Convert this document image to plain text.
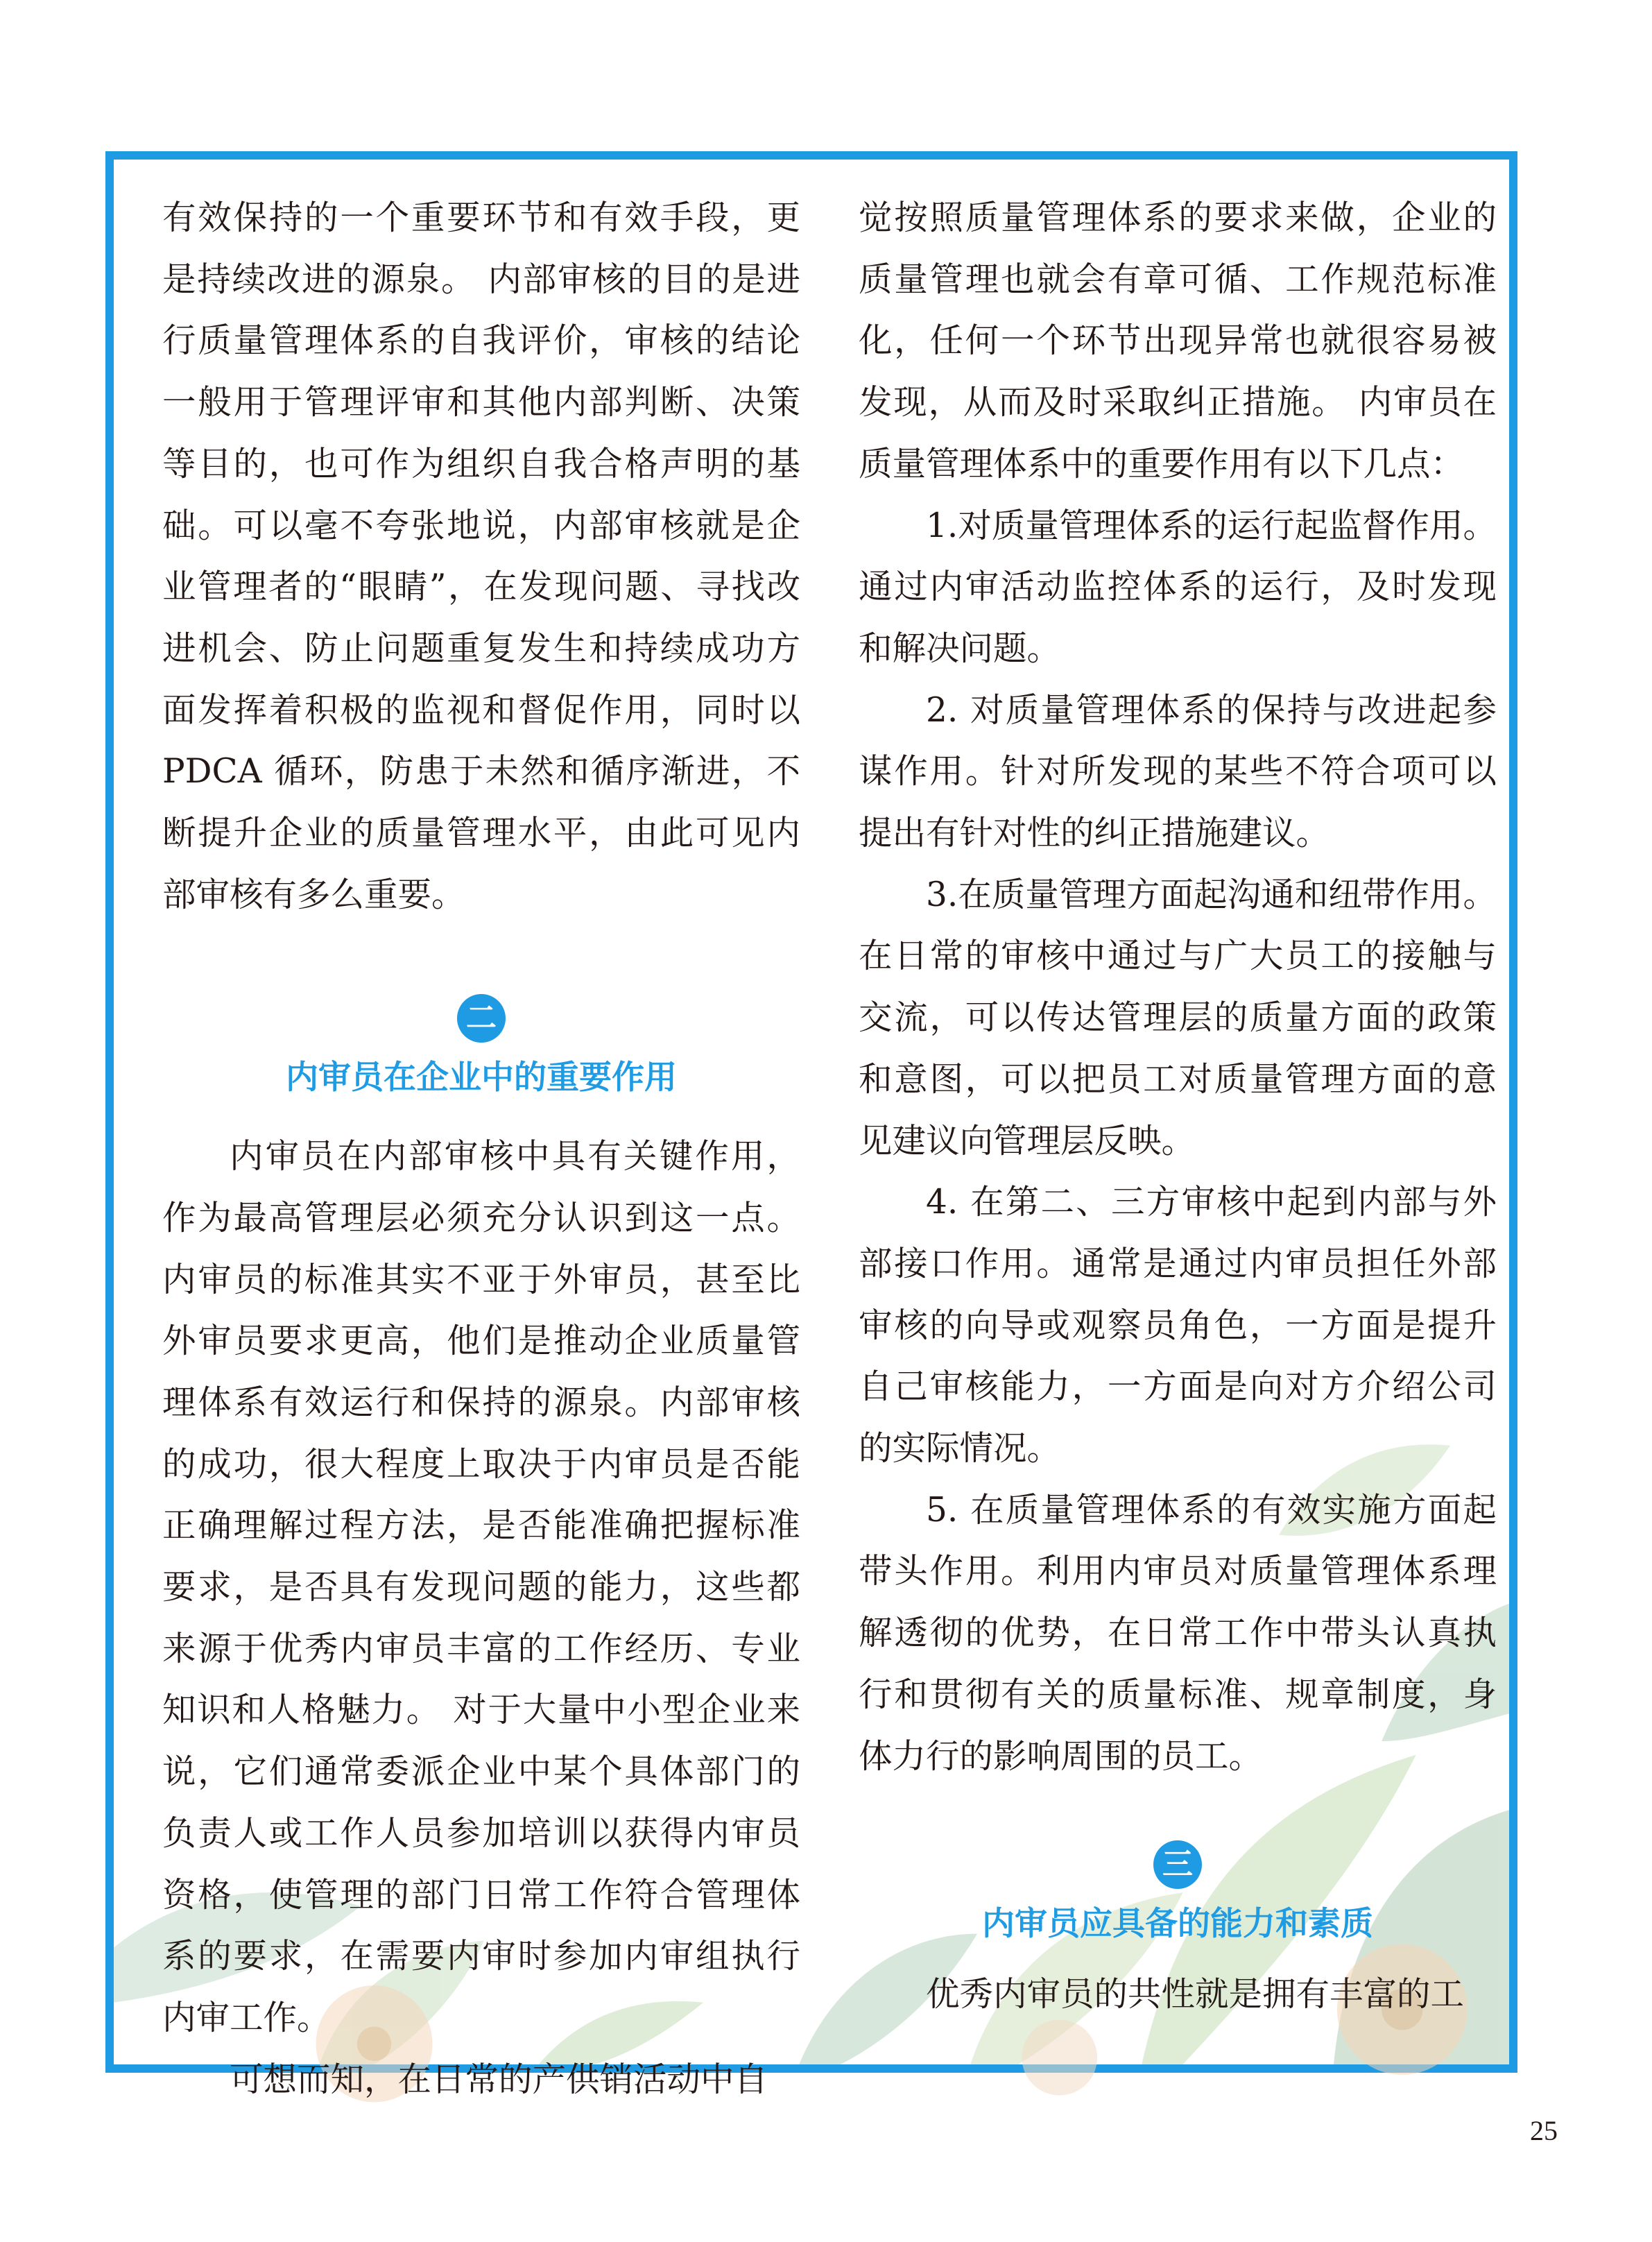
有效保持的一个重要环节和有效手段，更是持续改进的源泉。 内部审核的目的是进行质量管理体系的自我评价，审核的结论一般用于管理评审和其他内部判断、决策等目的，也可作为组织自我合格声明的基础。可以毫不夸张地说，内部审核就是企业管理者的“眼睛”，在发现问题、寻找改进机会、防止问题重复发生和持续成功方面发挥着积极的监视和督促作用，同时以 PDCA 循环，防患于未然和循序渐进，不断提升企业的质量管理水平，由此可见内部审核有多么重要。

二
内审员在企业中的重要作用

内审员在内部审核中具有关键作用，作为最高管理层必须充分认识到这一点。内审员的标准其实不亚于外审员，甚至比外审员要求更高，他们是推动企业质量管理体系有效运行和保持的源泉。内部审核的成功，很大程度上取决于内审员是否能正确理解过程方法，是否能准确把握标准要求，是否具有发现问题的能力，这些都来源于优秀内审员丰富的工作经历、专业知识和人格魅力。 对于大量中小型企业来说，它们通常委派企业中某个具体部门的负责人或工作人员参加培训以获得内审员资格，使管理的部门日常工作符合管理体系的要求，在需要内审时参加内审组执行内审工作。

可想而知，在日常的产供销活动中自

觉按照质量管理体系的要求来做，企业的质量管理也就会有章可循、工作规范标准化，任何一个环节出现异常也就很容易被发现，从而及时采取纠正措施。 内审员在质量管理体系中的重要作用有以下几点：

1.对质量管理体系的运行起监督作用。通过内审活动监控体系的运行，及时发现和解决问题。

2. 对质量管理体系的保持与改进起参谋作用。针对所发现的某些不符合项可以提出有针对性的纠正措施建议。

3.在质量管理方面起沟通和纽带作用。在日常的审核中通过与广大员工的接触与交流，可以传达管理层的质量方面的政策和意图，可以把员工对质量管理方面的意见建议向管理层反映。

4. 在第二、三方审核中起到内部与外部接口作用。通常是通过内审员担任外部审核的向导或观察员角色，一方面是提升自己审核能力，一方面是向对方介绍公司的实际情况。

5. 在质量管理体系的有效实施方面起带头作用。利用内审员对质量管理体系理解透彻的优势，在日常工作中带头认真执行和贯彻有关的质量标准、规章制度，身体力行的影响周围的员工。

三
内审员应具备的能力和素质

优秀内审员的共性就是拥有丰富的工

25
